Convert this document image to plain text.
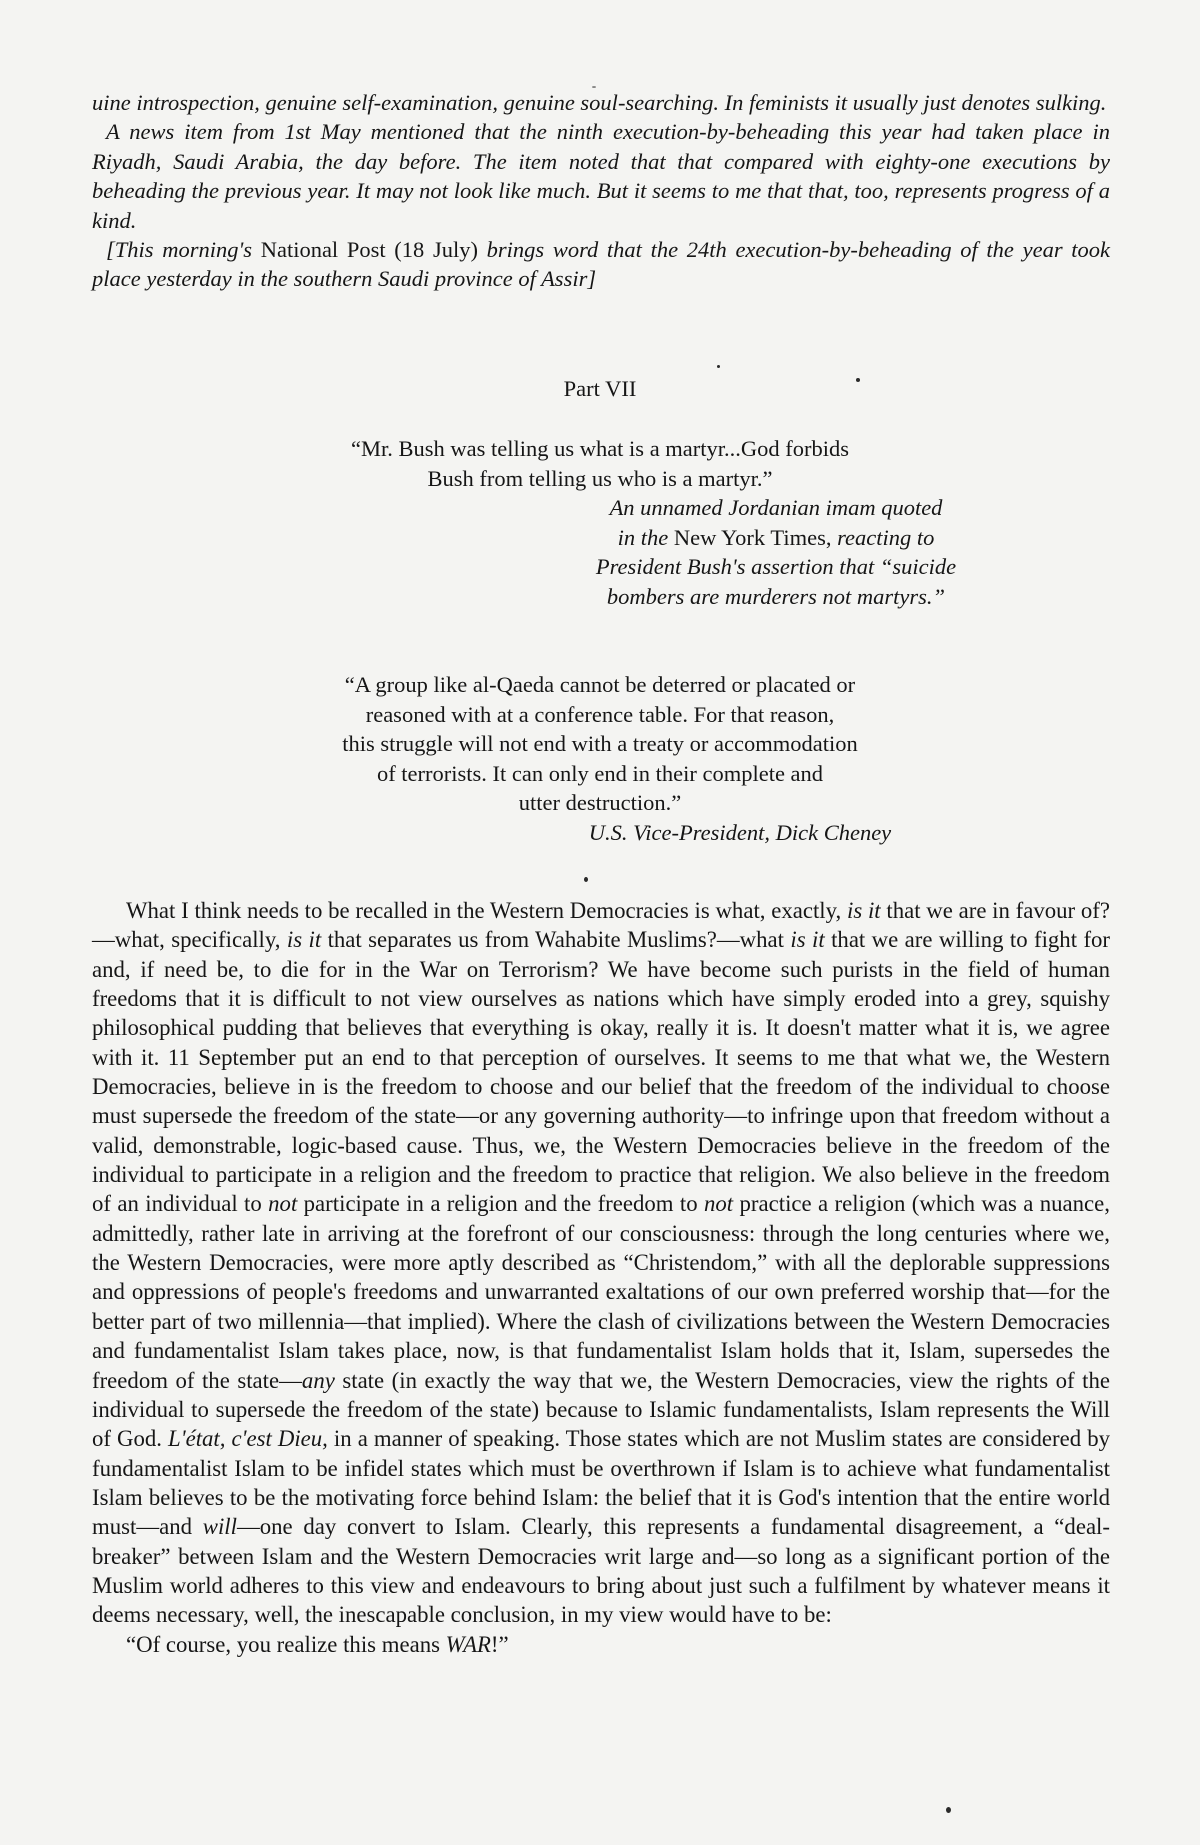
uine introspection, genuine self-examination, genuine soul-searching. In feminists it usually just denotes sulking.

A news item from 1st May mentioned that the ninth execution-by-beheading this year had taken place in Riyadh, Saudi Arabia, the day before. The item noted that that compared with eighty-one executions by beheading the previous year. It may not look like much. But it seems to me that that, too, represents progress of a kind.

[This morning's National Post (18 July) brings word that the 24th execution-by-beheading of the year took place yesterday in the southern Saudi province of Assir]

Part VII

“Mr. Bush was telling us what is a martyr...God forbids

Bush from telling us who is a martyr.”

An unnamed Jordanian imam quoted

in the New York Times, reacting to

President Bush's assertion that “suicide

bombers are murderers not martyrs.”

“A group like al-Qaeda cannot be deterred or placated or

reasoned with at a conference table. For that reason,

this struggle will not end with a treaty or accommodation

of terrorists. It can only end in their complete and

utter destruction.”

U.S. Vice-President, Dick Cheney

What I think needs to be recalled in the Western Democracies is what, exactly, is it that we are in favour of?—what, specifically, is it that separates us from Wahabite Muslims?—what is it that we are willing to fight for and, if need be, to die for in the War on Terrorism? We have become such purists in the field of human freedoms that it is difficult to not view ourselves as nations which have simply eroded into a grey, squishy philosophical pudding that believes that everything is okay, really it is. It doesn't matter what it is, we agree with it. 11 September put an end to that perception of ourselves. It seems to me that what we, the Western Democracies, believe in is the freedom to choose and our belief that the freedom of the individual to choose must supersede the freedom of the state—or any governing authority—to infringe upon that freedom without a valid, demonstrable, logic-based cause. Thus, we, the Western Democracies believe in the freedom of the individual to participate in a religion and the freedom to practice that religion. We also believe in the freedom of an individual to not participate in a religion and the freedom to not practice a religion (which was a nuance, admittedly, rather late in arriving at the forefront of our consciousness: through the long centuries where we, the Western Democracies, were more aptly described as “Christendom,” with all the deplorable suppressions and oppressions of people's freedoms and unwarranted exaltations of our own preferred worship that—for the better part of two millennia—that implied). Where the clash of civilizations between the Western Democracies and fundamentalist Islam takes place, now, is that fundamentalist Islam holds that it, Islam, supersedes the freedom of the state—any state (in exactly the way that we, the Western Democracies, view the rights of the individual to supersede the freedom of the state) because to Islamic fundamentalists, Islam represents the Will of God. L'état, c'est Dieu, in a manner of speaking. Those states which are not Muslim states are considered by fundamentalist Islam to be infidel states which must be overthrown if Islam is to achieve what fundamentalist Islam believes to be the motivating force behind Islam: the belief that it is God's intention that the entire world must—and will—one day convert to Islam. Clearly, this represents a fundamental disagreement, a “deal-breaker” between Islam and the Western Democracies writ large and—so long as a significant portion of the Muslim world adheres to this view and endeavours to bring about just such a fulfilment by whatever means it deems necessary, well, the inescapable conclusion, in my view would have to be:

“Of course, you realize this means WAR!”
